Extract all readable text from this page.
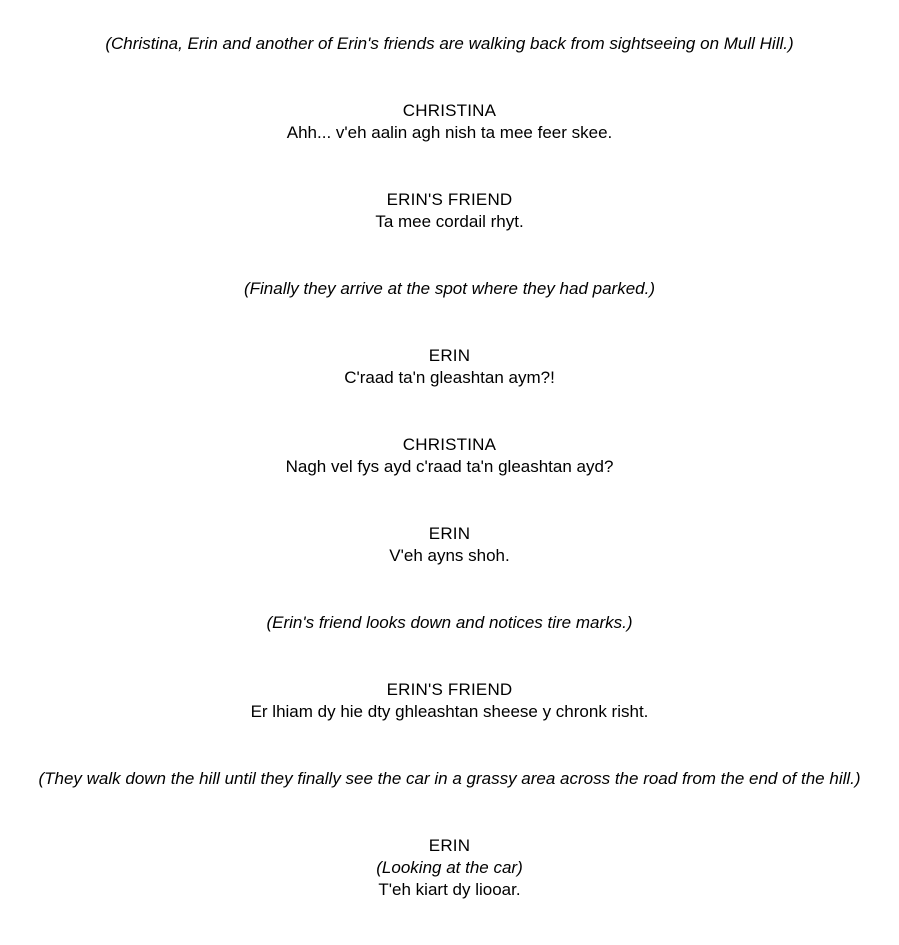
(Christina, Erin and another of Erin's friends are walking back from sightseeing on Mull Hill.)
CHRISTINA
Ahh... v'eh aalin agh nish ta mee feer skee.
ERIN'S FRIEND
Ta mee cordail rhyt.
(Finally they arrive at the spot where they had parked.)
ERIN
C'raad ta'n gleashtan aym?!
CHRISTINA
Nagh vel fys ayd c'raad ta'n gleashtan ayd?
ERIN
V'eh ayns shoh.
(Erin's friend looks down and notices tire marks.)
ERIN'S FRIEND
Er lhiam dy hie dty ghleashtan sheese y chronk risht.
(They walk down the hill until they finally see the car in a grassy area across the road from the end of the hill.)
ERIN
(Looking at the car)
T'eh kiart dy liooar.
